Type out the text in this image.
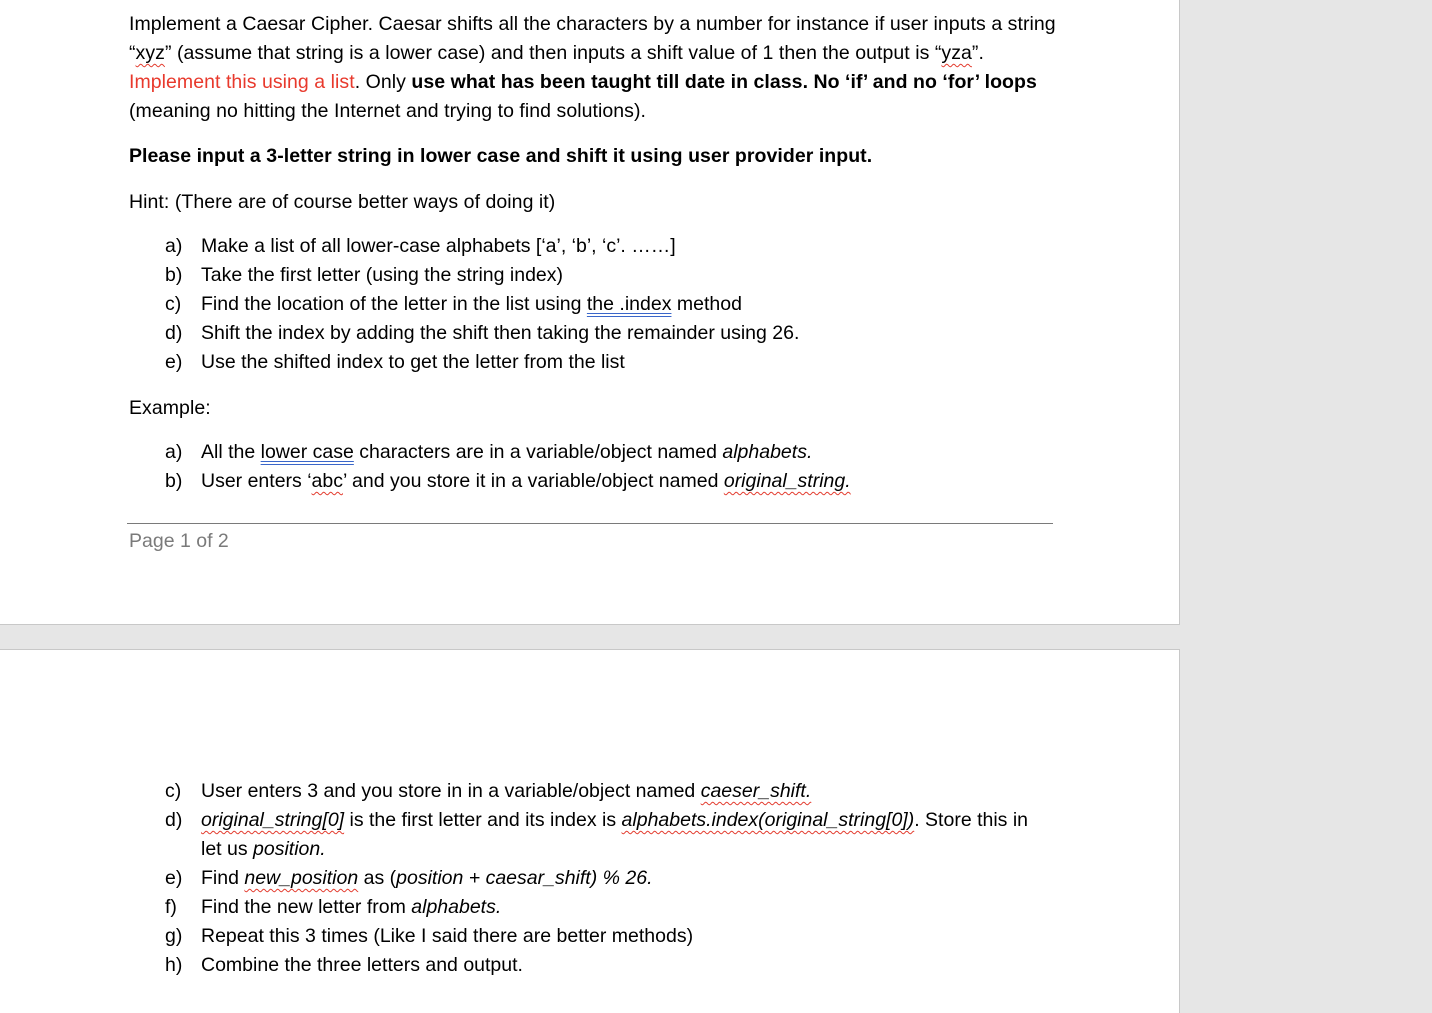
Implement a Caesar Cipher. Caesar shifts all the characters by a number for instance if user inputs a string “xyz” (assume that string is a lower case) and then inputs a shift value of 1 then the output is “yza”. Implement this using a list. Only use what has been taught till date in class. No ‘if’ and no ‘for’ loops (meaning no hitting the Internet and trying to find solutions).

Please input a 3-letter string in lower case and shift it using user provider input.

Hint: (There are of course better ways of doing it)

a) Make a list of all lower-case alphabets [‘a’, ‘b’, ‘c’. ……]
b) Take the first letter (using the string index)
c) Find the location of the letter in the list using the .index method
d) Shift the index by adding the shift then taking the remainder using 26.
e) Use the shifted index to get the letter from the list

Example:

a) All the lower case characters are in a variable/object named alphabets.
b) User enters ‘abc’ and you store it in a variable/object named original_string.
Page 1 of 2
c) User enters 3 and you store in in a variable/object named caeser_shift.
d) original_string[0] is the first letter and its index is alphabets.index(original_string[0]). Store this in let us position.
e) Find new_position as (position + caesar_shift) % 26.
f) Find the new letter from alphabets.
g) Repeat this 3 times (Like I said there are better methods)
h) Combine the three letters and output.
